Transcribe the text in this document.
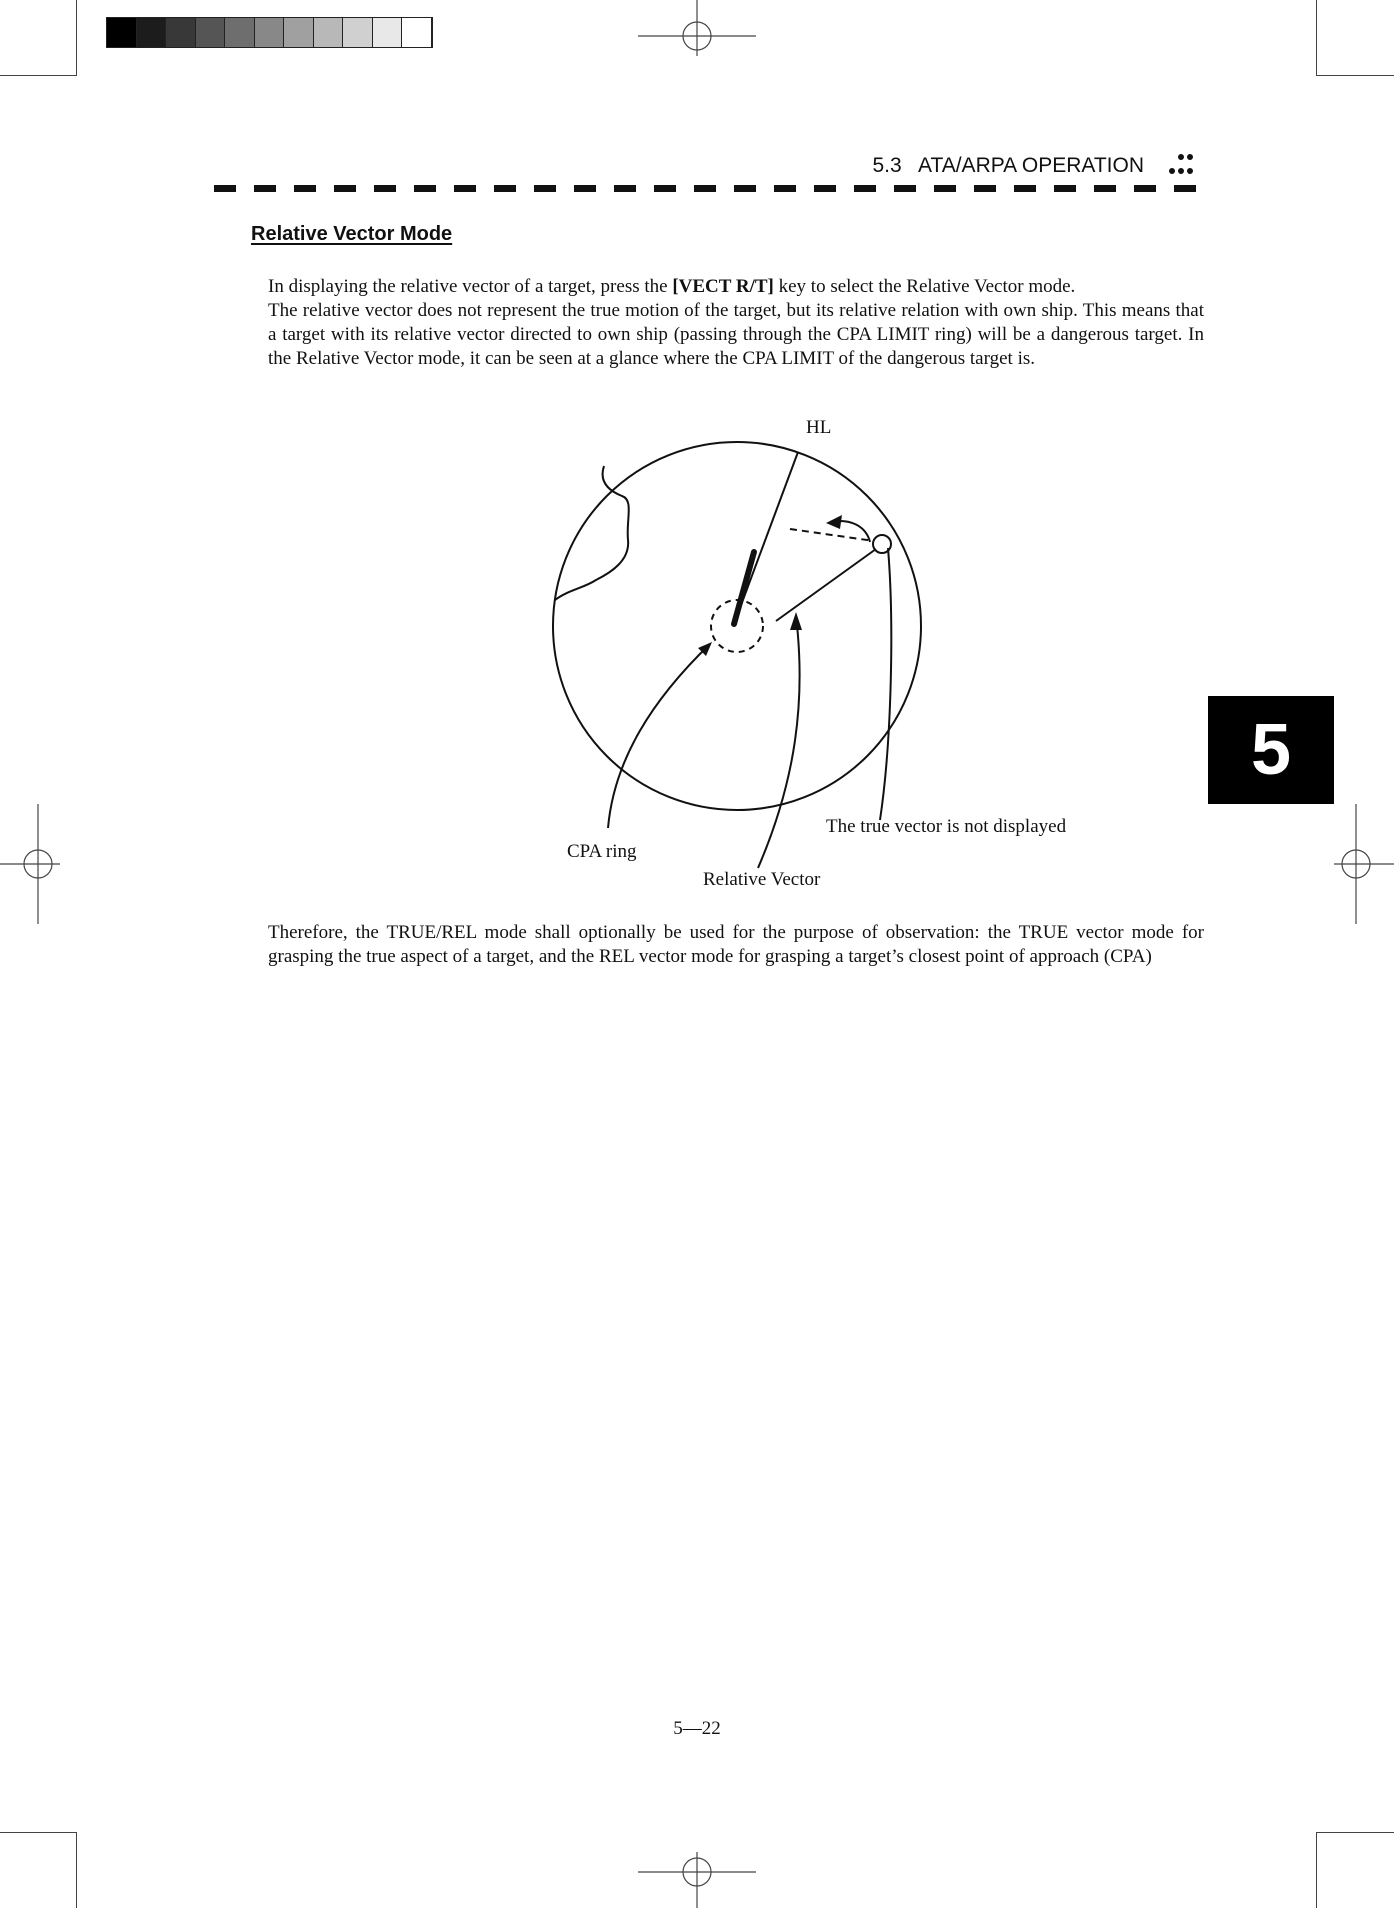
5.3 ATA/ARPA OPERATION
Relative Vector Mode

In displaying the relative vector of a target, press the [VECT R/T] key to select the Relative Vector mode.

The relative vector does not represent the true motion of the target, but its relative relation with own ship. This means that a target with its relative vector directed to own ship (passing through the CPA LIMIT ring) will be a dangerous target. In the Relative Vector mode, it can be seen at a glance where the CPA LIMIT of the dangerous target is.

HL
The true vector is not displayed
CPA ring
Relative Vector

Therefore, the TRUE/REL mode shall optionally be used for the purpose of observation: the TRUE vector mode for grasping the true aspect of a target, and the REL vector mode for grasping a target’s closest point of approach (CPA)

5
5—22
